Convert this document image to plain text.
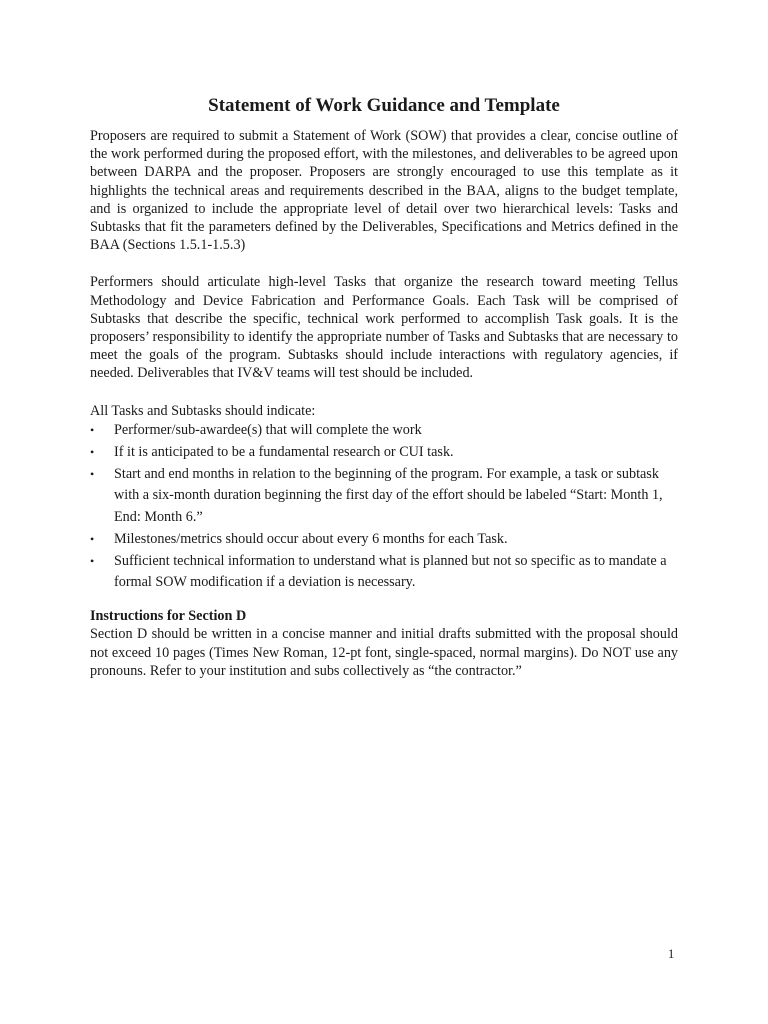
Statement of Work Guidance and Template

Proposers are required to submit a Statement of Work (SOW) that provides a clear, concise outline of the work performed during the proposed effort, with the milestones, and deliverables to be agreed upon between DARPA and the proposer. Proposers are strongly encouraged to use this template as it highlights the technical areas and requirements described in the BAA, aligns to the budget template, and is organized to include the appropriate level of detail over two hierarchical levels: Tasks and Subtasks that fit the parameters defined by the Deliverables, Specifications and Metrics defined in the BAA (Sections 1.5.1-1.5.3)

Performers should articulate high-level Tasks that organize the research toward meeting Tellus Methodology and Device Fabrication and Performance Goals. Each Task will be comprised of Subtasks that describe the specific, technical work performed to accomplish Task goals. It is the proposers’ responsibility to identify the appropriate number of Tasks and Subtasks that are necessary to meet the goals of the program. Subtasks should include interactions with regulatory agencies, if needed. Deliverables that IV&V teams will test should be included.

All Tasks and Subtasks should indicate:

• Performer/sub-awardee(s) that will complete the work
• If it is anticipated to be a fundamental research or CUI task.
• Start and end months in relation to the beginning of the program. For example, a task or subtask with a six-month duration beginning the first day of the effort should be labeled “Start: Month 1, End: Month 6.”
• Milestones/metrics should occur about every 6 months for each Task.
• Sufficient technical information to understand what is planned but not so specific as to mandate a formal SOW modification if a deviation is necessary.
Instructions for Section D

Section D should be written in a concise manner and initial drafts submitted with the proposal should not exceed 10 pages (Times New Roman, 12-pt font, single-spaced, normal margins). Do NOT use any pronouns. Refer to your institution and subs collectively as “the contractor.”

1
